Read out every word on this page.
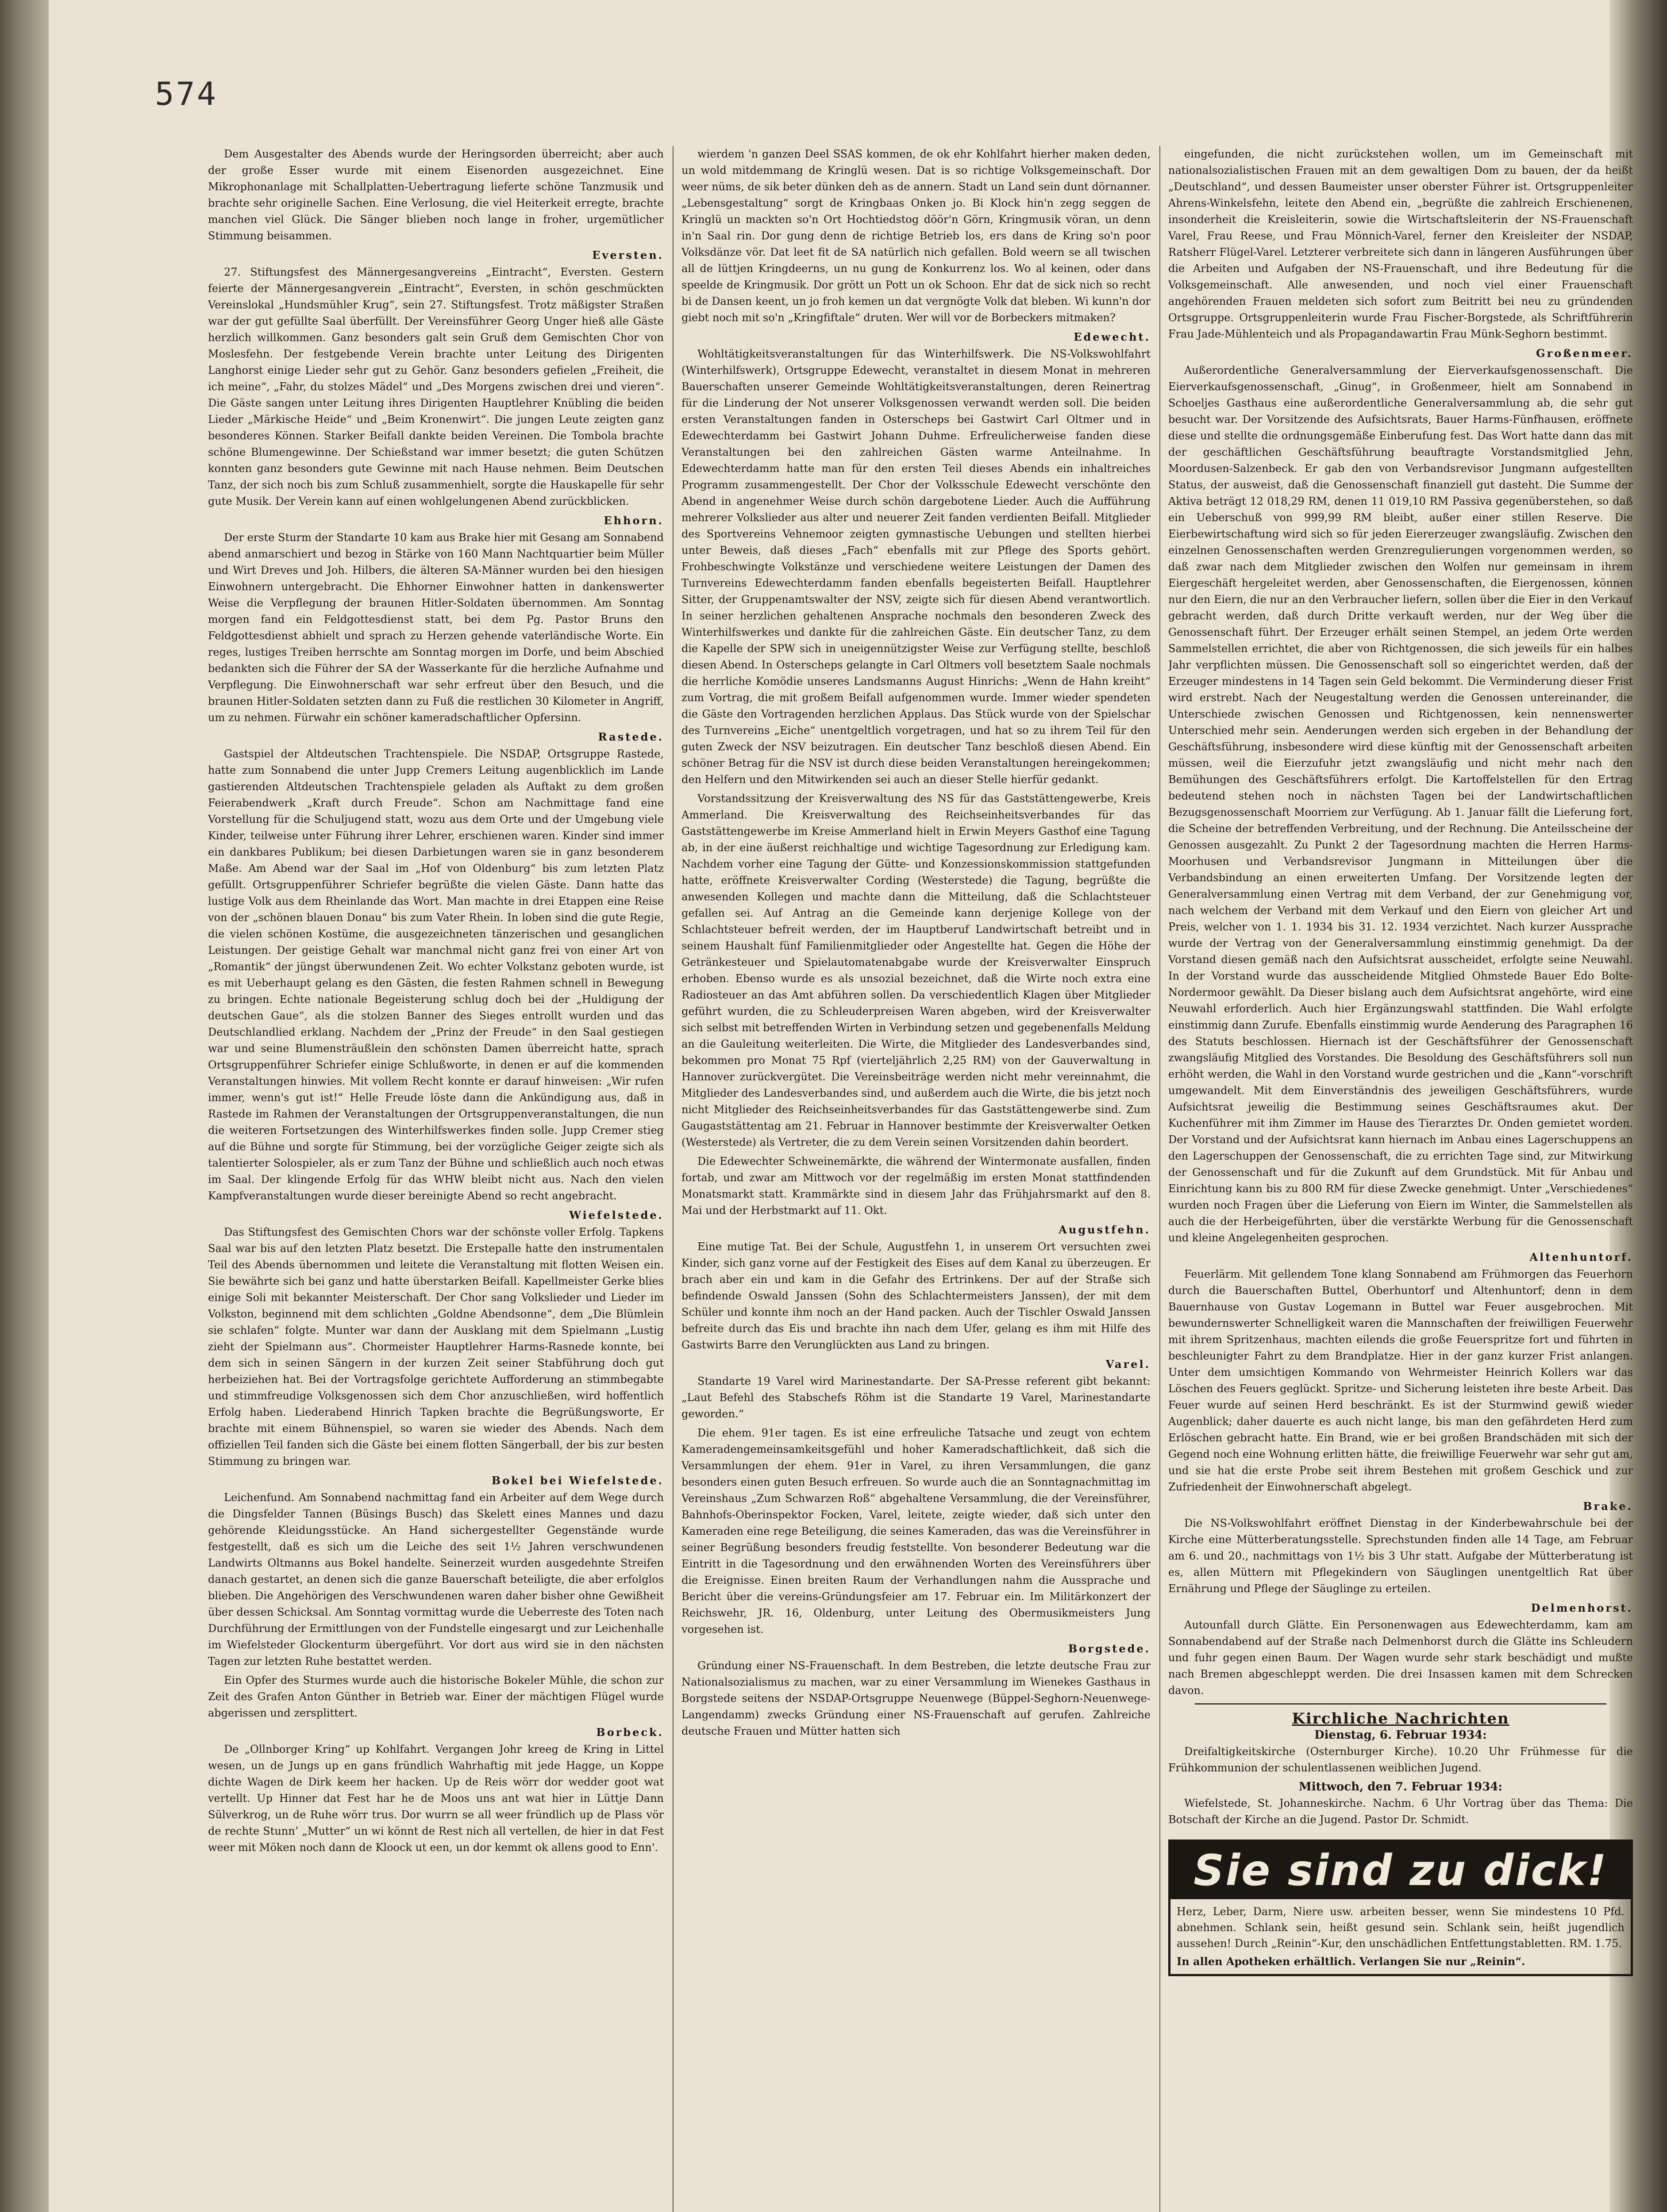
574

Dem Ausgestalter des Abends wurde der Heringsorden überreicht; aber auch der große Esser wurde mit einem Eisenorden ausgezeichnet. Eine Mikrophonanlage mit Schallplatten-Uebertragung lieferte schöne Tanzmusik und brachte sehr originelle Sachen. Eine Verlosung, die viel Heiterkeit erregte, brachte manchen viel Glück. Die Sänger blieben noch lange in froher, urgemütlicher Stimmung beisammen.

Eversten.

27. Stiftungsfest des Männergesangvereins „Eintracht“, Eversten. Gestern feierte der Männergesangverein „Eintracht“, Eversten, in schön geschmückten Vereinslokal „Hundsmühler Krug“, sein 27. Stiftungsfest. Trotz mäßigster Straßen war der gut gefüllte Saal überfüllt. Der Vereinsführer Georg Unger hieß alle Gäste herzlich willkommen. Ganz besonders galt sein Gruß dem Gemischten Chor von Moslesfehn. Der festgebende Verein brachte unter Leitung des Dirigenten Langhorst einige Lieder sehr gut zu Gehör. Ganz besonders gefielen „Freiheit, die ich meine“, „Fahr, du stolzes Mädel“ und „Des Morgens zwischen drei und vieren“. Die Gäste sangen unter Leitung ihres Dirigenten Hauptlehrer Knübling die beiden Lieder „Märkische Heide“ und „Beim Kronenwirt“. Die jungen Leute zeigten ganz besonderes Können. Starker Beifall dankte beiden Vereinen. Die Tombola brachte schöne Blumengewinne. Der Schießstand war immer besetzt; die guten Schützen konnten ganz besonders gute Gewinne mit nach Hause nehmen. Beim Deutschen Tanz, der sich noch bis zum Schluß zusammenhielt, sorgte die Hauskapelle für sehr gute Musik. Der Verein kann auf einen wohlgelungenen Abend zurückblicken.

Ehhorn.

Der erste Sturm der Standarte 10 kam aus Brake hier mit Gesang am Sonnabend abend anmarschiert und bezog in Stärke von 160 Mann Nachtquartier beim Müller und Wirt Dreves und Joh. Hilbers, die älteren SA-Männer wurden bei den hiesigen Einwohnern untergebracht. Die Ehhorner Einwohner hatten in dankenswerter Weise die Verpflegung der braunen Hitler-Soldaten übernommen. Am Sonntag morgen fand ein Feldgottesdienst statt, bei dem Pg. Pastor Bruns den Feldgottesdienst abhielt und sprach zu Herzen gehende vaterländische Worte. Ein reges, lustiges Treiben herrschte am Sonntag morgen im Dorfe, und beim Abschied bedankten sich die Führer der SA der Wasserkante für die herzliche Aufnahme und Verpflegung. Die Einwohnerschaft war sehr erfreut über den Besuch, und die braunen Hitler-Soldaten setzten dann zu Fuß die restlichen 30 Kilometer in Angriff, um zu nehmen. Fürwahr ein schöner kameradschaftlicher Opfersinn.

Rastede.

Gastspiel der Altdeutschen Trachtenspiele. Die NSDAP, Ortsgruppe Rastede, hatte zum Sonnabend die unter Jupp Cremers Leitung augenblicklich im Lande gastierenden Altdeutschen Trachtenspiele geladen als Auftakt zu dem großen Feierabendwerk „Kraft durch Freude“. Schon am Nachmittage fand eine Vorstellung für die Schuljugend statt, wozu aus dem Orte und der Umgebung viele Kinder, teilweise unter Führung ihrer Lehrer, erschienen waren. Kinder sind immer ein dankbares Publikum; bei diesen Darbietungen waren sie in ganz besonderem Maße. Am Abend war der Saal im „Hof von Oldenburg“ bis zum letzten Platz gefüllt. Ortsgruppenführer Schriefer begrüßte die vielen Gäste. Dann hatte das lustige Volk aus dem Rheinlande das Wort. Man machte in drei Etappen eine Reise von der „schönen blauen Donau“ bis zum Vater Rhein. In loben sind die gute Regie, die vielen schönen Kostüme, die ausgezeichneten tänzerischen und gesanglichen Leistungen. Der geistige Gehalt war manchmal nicht ganz frei von einer Art von „Romantik“ der jüngst überwundenen Zeit. Wo echter Volkstanz geboten wurde, ist es mit Ueberhaupt gelang es den Gästen, die festen Rahmen schnell in Bewegung zu bringen. Echte nationale Begeisterung schlug doch bei der „Huldigung der deutschen Gaue“, als die stolzen Banner des Sieges entrollt wurden und das Deutschlandlied erklang. Nachdem der „Prinz der Freude“ in den Saal gestiegen war und seine Blumensträußlein den schönsten Damen überreicht hatte, sprach Ortsgruppenführer Schriefer einige Schlußworte, in denen er auf die kommenden Veranstaltungen hinwies. Mit vollem Recht konnte er darauf hinweisen: „Wir rufen immer, wenn's gut ist!“ Helle Freude löste dann die Ankündigung aus, daß in Rastede im Rahmen der Veranstaltungen der Ortsgruppenveranstaltungen, die nun die weiteren Fortsetzungen des Winterhilfswerkes finden solle. Jupp Cremer stieg auf die Bühne und sorgte für Stimmung, bei der vorzügliche Geiger zeigte sich als talentierter Solospieler, als er zum Tanz der Bühne und schließlich auch noch etwas im Saal. Der klingende Erfolg für das WHW bleibt nicht aus. Nach den vielen Kampfveranstaltungen wurde dieser bereinigte Abend so recht angebracht.

Wiefelstede.

Das Stiftungsfest des Gemischten Chors war der schönste voller Erfolg. Tapkens Saal war bis auf den letzten Platz besetzt. Die Erstepalle hatte den instrumentalen Teil des Abends übernommen und leitete die Veranstaltung mit flotten Weisen ein. Sie bewährte sich bei ganz und hatte überstarken Beifall. Kapellmeister Gerke blies einige Soli mit bekannter Meisterschaft. Der Chor sang Volkslieder und Lieder im Volkston, beginnend mit dem schlichten „Goldne Abendsonne“, dem „Die Blümlein sie schlafen“ folgte. Munter war dann der Ausklang mit dem Spielmann „Lustig zieht der Spielmann aus“. Chormeister Hauptlehrer Harms-Rasnede konnte, bei dem sich in seinen Sängern in der kurzen Zeit seiner Stabführung doch gut herbeiziehen hat. Bei der Vortragsfolge gerichtete Aufforderung an stimmbegabte und stimmfreudige Volksgenossen sich dem Chor anzuschließen, wird hoffentlich Erfolg haben. Liederabend Hinrich Tapken brachte die Begrüßungsworte, Er brachte mit einem Bühnenspiel, so waren sie wieder des Abends. Nach dem offiziellen Teil fanden sich die Gäste bei einem flotten Sängerball, der bis zur besten Stimmung zu bringen war.

Bokel bei Wiefelstede.

Leichenfund. Am Sonnabend nachmittag fand ein Arbeiter auf dem Wege durch die Dingsfelder Tannen (Büsings Busch) das Skelett eines Mannes und dazu gehörende Kleidungsstücke. An Hand sichergestellter Gegenstände wurde festgestellt, daß es sich um die Leiche des seit 1½ Jahren verschwundenen Landwirts Oltmanns aus Bokel handelte. Seinerzeit wurden ausgedehnte Streifen danach gestartet, an denen sich die ganze Bauerschaft beteiligte, die aber erfolglos blieben. Die Angehörigen des Verschwundenen waren daher bisher ohne Gewißheit über dessen Schicksal. Am Sonntag vormittag wurde die Ueberreste des Toten nach Durchführung der Ermittlungen von der Fundstelle eingesargt und zur Leichenhalle im Wiefelsteder Glockenturm übergeführt. Vor dort aus wird sie in den nächsten Tagen zur letzten Ruhe bestattet werden.

Ein Opfer des Sturmes wurde auch die historische Bokeler Mühle, die schon zur Zeit des Grafen Anton Günther in Betrieb war. Einer der mächtigen Flügel wurde abgerissen und zersplittert.

Borbeck.

De „Ollnborger Kring“ up Kohlfahrt. Vergangen Johr kreeg de Kring in Littel wesen, un de Jungs up en gans fründlich Wahrhaftig mit jede Hagge, un Koppe dichte Wagen de Dirk keem her hacken. Up de Reis wörr dor wedder goot wat vertellt. Up Hinner dat Fest har he de Moos uns ant wat hier in Lüttje Dann Sülverkrog, un de Ruhe wörr trus. Dor wurrn se all weer fründlich up de Plass vör de rechte Stunn’ „Mutter“ un wi könnt de Rest nich all vertellen, de hier in dat Fest weer mit Möken noch dann de Kloock ut een, un dor kemmt ok allens good to Enn'.

wierdem 'n ganzen Deel SSAS kommen, de ok ehr Kohlfahrt hierher maken deden, un wold mitdemmang de Kringlü wesen. Dat is so richtige Volksgemeinschaft. Dor weer nüms, de sik beter dünken deh as de annern. Stadt un Land sein dunt dörnanner. „Lebensgestaltung“ sorgt de Kringbaas Onken jo. Bi Klock hin'n zegg seggen de Kringlü un mackten so'n Ort Hochtiedstog döör'n Görn, Kringmusik vöran, un denn in'n Saal rin. Dor gung denn de richtige Betrieb los, ers dans de Kring so'n poor Volksdänze vör. Dat leet fit de SA natürlich nich gefallen. Bold weern se all twischen all de lüttjen Kringdeerns, un nu gung de Konkurrenz los. Wo al keinen, oder dans speelde de Kringmusik. Dor grött un Pott un ok Schoon. Ehr dat de sick nich so recht bi de Dansen keent, un jo froh kemen un dat vergnögte Volk dat bleben. Wi kunn'n dor giebt noch mit so'n „Kringfiftale“ druten. Wer will vor de Borbeckers mitmaken?

Edewecht.

Wohltätigkeitsveranstaltungen für das Winterhilfswerk. Die NS-Volkswohlfahrt (Winterhilfswerk), Ortsgruppe Edewecht, veranstaltet in diesem Monat in mehreren Bauerschaften unserer Gemeinde Wohltätigkeitsveranstaltungen, deren Reinertrag für die Linderung der Not unserer Volksgenossen verwandt werden soll. Die beiden ersten Veranstaltungen fanden in Osterscheps bei Gastwirt Carl Oltmer und in Edewechterdamm bei Gastwirt Johann Duhme. Erfreulicherweise fanden diese Veranstaltungen bei den zahlreichen Gästen warme Anteilnahme. In Edewechterdamm hatte man für den ersten Teil dieses Abends ein inhaltreiches Programm zusammengestellt. Der Chor der Volksschule Edewecht verschönte den Abend in angenehmer Weise durch schön dargebotene Lieder. Auch die Aufführung mehrerer Volkslieder aus alter und neuerer Zeit fanden verdienten Beifall. Mitglieder des Sportvereins Vehnemoor zeigten gymnastische Uebungen und stellten hierbei unter Beweis, daß dieses „Fach“ ebenfalls mit zur Pflege des Sports gehört. Frohbeschwingte Volkstänze und verschiedene weitere Leistungen der Damen des Turnvereins Edewechterdamm fanden ebenfalls begeisterten Beifall. Hauptlehrer Sitter, der Gruppenamtswalter der NSV, zeigte sich für diesen Abend verantwortlich. In seiner herzlichen gehaltenen Ansprache nochmals den besonderen Zweck des Winterhilfswerkes und dankte für die zahlreichen Gäste. Ein deutscher Tanz, zu dem die Kapelle der SPW sich in uneigennützigster Weise zur Verfügung stellte, beschloß diesen Abend. In Osterscheps gelangte in Carl Oltmers voll besetztem Saale nochmals die herrliche Komödie unseres Landsmanns August Hinrichs: „Wenn de Hahn kreiht“ zum Vortrag, die mit großem Beifall aufgenommen wurde. Immer wieder spendeten die Gäste den Vortragenden herzlichen Applaus. Das Stück wurde von der Spielschar des Turnvereins „Eiche“ unentgeltlich vorgetragen, und hat so zu ihrem Teil für den guten Zweck der NSV beizutragen. Ein deutscher Tanz beschloß diesen Abend. Ein schöner Betrag für die NSV ist durch diese beiden Veranstaltungen hereingekommen; den Helfern und den Mitwirkenden sei auch an dieser Stelle hierfür gedankt.

Vorstandssitzung der Kreisverwaltung des NS für das Gaststättengewerbe, Kreis Ammerland. Die Kreisverwaltung des Reichseinheitsverbandes für das Gaststättengewerbe im Kreise Ammerland hielt in Erwin Meyers Gasthof eine Tagung ab, in der eine äußerst reichhaltige und wichtige Tagesordnung zur Erledigung kam. Nachdem vorher eine Tagung der Gütte- und Konzessionskommission stattgefunden hatte, eröffnete Kreisverwalter Cording (Westerstede) die Tagung, begrüßte die anwesenden Kollegen und machte dann die Mitteilung, daß die Schlachtsteuer gefallen sei. Auf Antrag an die Gemeinde kann derjenige Kollege von der Schlachtsteuer befreit werden, der im Hauptberuf Landwirtschaft betreibt und in seinem Haushalt fünf Familienmitglieder oder Angestellte hat. Gegen die Höhe der Getränkesteuer und Spielautomatenabgabe wurde der Kreisverwalter Einspruch erhoben. Ebenso wurde es als unsozial bezeichnet, daß die Wirte noch extra eine Radiosteuer an das Amt abführen sollen. Da verschiedentlich Klagen über Mitglieder geführt wurden, die zu Schleuderpreisen Waren abgeben, wird der Kreisverwalter sich selbst mit betreffenden Wirten in Verbindung setzen und gegebenenfalls Meldung an die Gauleitung weiterleiten. Die Wirte, die Mitglieder des Landesverbandes sind, bekommen pro Monat 75 Rpf (vierteljährlich 2,25 RM) von der Gauverwaltung in Hannover zurückvergütet. Die Vereinsbeiträge werden nicht mehr vereinnahmt, die Mitglieder des Landesverbandes sind, und außerdem auch die Wirte, die bis jetzt noch nicht Mitglieder des Reichseinheitsverbandes für das Gaststättengewerbe sind. Zum Gaugaststättentag am 21. Februar in Hannover bestimmte der Kreisverwalter Oetken (Westerstede) als Vertreter, die zu dem Verein seinen Vorsitzenden dahin beordert.

Die Edewechter Schweinemärkte, die während der Wintermonate ausfallen, finden fortab, und zwar am Mittwoch vor der regelmäßig im ersten Monat stattfindenden Monatsmarkt statt. Krammärkte sind in diesem Jahr das Frühjahrsmarkt auf den 8. Mai und der Herbstmarkt auf 11. Okt.

Augustfehn.

Eine mutige Tat. Bei der Schule, Augustfehn 1, in unserem Ort versuchten zwei Kinder, sich ganz vorne auf der Festigkeit des Eises auf dem Kanal zu überzeugen. Er brach aber ein und kam in die Gefahr des Ertrinkens. Der auf der Straße sich befindende Oswald Janssen (Sohn des Schlachtermeisters Janssen), der mit dem Schüler und konnte ihm noch an der Hand packen. Auch der Tischler Oswald Janssen befreite durch das Eis und brachte ihn nach dem Ufer, gelang es ihm mit Hilfe des Gastwirts Barre den Verunglückten aus Land zu bringen.

Varel.

Standarte 19 Varel wird Marinestandarte. Der SA-Presse referent gibt bekannt: „Laut Befehl des Stabschefs Röhm ist die Standarte 19 Varel, Marinestandarte geworden.“

Die ehem. 91er tagen. Es ist eine erfreuliche Tatsache und zeugt von echtem Kameradengemeinsamkeitsgefühl und hoher Kameradschaftlichkeit, daß sich die Versammlungen der ehem. 91er in Varel, zu ihren Versammlungen, die ganz besonders einen guten Besuch erfreuen. So wurde auch die an Sonntagnachmittag im Vereinshaus „Zum Schwarzen Roß“ abgehaltene Versammlung, die der Vereinsführer, Bahnhofs-Oberinspektor Focken, Varel, leitete, zeigte wieder, daß sich unter den Kameraden eine rege Beteiligung, die seines Kameraden, das was die Vereinsführer in seiner Begrüßung besonders freudig feststellte. Von besonderer Bedeutung war die Eintritt in die Tagesordnung und den erwähnenden Worten des Vereinsführers über die Ereignisse. Einen breiten Raum der Verhandlungen nahm die Aussprache und Bericht über die vereins-Gründungsfeier am 17. Februar ein. Im Militärkonzert der Reichswehr, JR. 16, Oldenburg, unter Leitung des Obermusikmeisters Jung vorgesehen ist.

Borgstede.

Gründung einer NS-Frauenschaft. In dem Bestreben, die letzte deutsche Frau zur Nationalsozialismus zu machen, war zu einer Versammlung im Wienekes Gasthaus in Borgstede seitens der NSDAP-Ortsgruppe Neuenwege (Büppel-Seghorn-Neuenwege-Langendamm) zwecks Gründung einer NS-Frauenschaft auf gerufen. Zahlreiche deutsche Frauen und Mütter hatten sich

eingefunden, die nicht zurückstehen wollen, um im Gemeinschaft mit nationalsozialistischen Frauen mit an dem gewaltigen Dom zu bauen, der da heißt „Deutschland“, und dessen Baumeister unser oberster Führer ist. Ortsgruppenleiter Ahrens-Winkelsfehn, leitete den Abend ein, „begrüßte die zahlreich Erschienenen, insonderheit die Kreisleiterin, sowie die Wirtschaftsleiterin der NS-Frauenschaft Varel, Frau Reese, und Frau Mönnich-Varel, ferner den Kreisleiter der NSDAP, Ratsherr Flügel-Varel. Letzterer verbreitete sich dann in längeren Ausführungen über die Arbeiten und Aufgaben der NS-Frauenschaft, und ihre Bedeutung für die Volksgemeinschaft. Alle anwesenden, und noch viel einer Frauenschaft angehörenden Frauen meldeten sich sofort zum Beitritt bei neu zu gründenden Ortsgruppe. Ortsgruppenleiterin wurde Frau Fischer-Borgstede, als Schriftführerin Frau Jade-Mühlenteich und als Propagandawartin Frau Münk-Seghorn bestimmt.

Großenmeer.

Außerordentliche Generalversammlung der Eierverkaufsgenossenschaft. Die Eierverkaufsgenossenschaft, „Ginug“, in Großenmeer, hielt am Sonnabend in Schoeljes Gasthaus eine außerordentliche Generalversammlung ab, die sehr gut besucht war. Der Vorsitzende des Aufsichtsrats, Bauer Harms-Fünfhausen, eröffnete diese und stellte die ordnungsgemäße Einberufung fest. Das Wort hatte dann das mit der geschäftlichen Geschäftsführung beauftragte Vorstandsmitglied Jehn, Moordusen-Salzenbeck. Er gab den von Verbandsrevisor Jungmann aufgestellten Status, der ausweist, daß die Genossenschaft finanziell gut dasteht. Die Summe der Aktiva beträgt 12 018,29 RM, denen 11 019,10 RM Passiva gegenüberstehen, so daß ein Ueberschuß von 999,99 RM bleibt, außer einer stillen Reserve. Die Eierbewirtschaftung wird sich so für jeden Eiererzeuger zwangsläufig. Zwischen den einzelnen Genossenschaften werden Grenzregulierungen vorgenommen werden, so daß zwar nach dem Mitglieder zwischen den Wolfen nur gemeinsam in ihrem Eiergeschäft hergeleitet werden, aber Genossenschaften, die Eiergenossen, können nur den Eiern, die nur an den Verbraucher liefern, sollen über die Eier in den Verkauf gebracht werden, daß durch Dritte verkauft werden, nur der Weg über die Genossenschaft führt. Der Erzeuger erhält seinen Stempel, an jedem Orte werden Sammelstellen errichtet, die aber von Richtgenossen, die sich jeweils für ein halbes Jahr verpflichten müssen. Die Genossenschaft soll so eingerichtet werden, daß der Erzeuger mindestens in 14 Tagen sein Geld bekommt. Die Verminderung dieser Frist wird erstrebt. Nach der Neugestaltung werden die Genossen untereinander, die Unterschiede zwischen Genossen und Richtgenossen, kein nennenswerter Unterschied mehr sein. Aenderungen werden sich ergeben in der Behandlung der Geschäftsführung, insbesondere wird diese künftig mit der Genossenschaft arbeiten müssen, weil die Eierzufuhr jetzt zwangsläufig und nicht mehr nach den Bemühungen des Geschäftsführers erfolgt. Die Kartoffelstellen für den Ertrag bedeutend stehen noch in nächsten Tagen bei der Landwirtschaftlichen Bezugsgenossenschaft Moorriem zur Verfügung. Ab 1. Januar fällt die Lieferung fort, die Scheine der betreffenden Verbreitung, und der Rechnung. Die Anteilsscheine der Genossen ausgezahlt. Zu Punkt 2 der Tagesordnung machten die Herren Harms-Moorhusen und Verbandsrevisor Jungmann in Mitteilungen über die Verbandsbindung an einen erweiterten Umfang. Der Vorsitzende legten der Generalversammlung einen Vertrag mit dem Verband, der zur Genehmigung vor, nach welchem der Verband mit dem Verkauf und den Eiern von gleicher Art und Preis, welcher von 1. 1. 1934 bis 31. 12. 1934 verzichtet. Nach kurzer Aussprache wurde der Vertrag von der Generalversammlung einstimmig genehmigt. Da der Vorstand diesen gemäß nach den Aufsichtsrat ausscheidet, erfolgte seine Neuwahl. In der Vorstand wurde das ausscheidende Mitglied Ohmstede Bauer Edo Bolte-Nordermoor gewählt. Da Dieser bislang auch dem Aufsichtsrat angehörte, wird eine Neuwahl erforderlich. Auch hier Ergänzungswahl stattfinden. Die Wahl erfolgte einstimmig dann Zurufe. Ebenfalls einstimmig wurde Aenderung des Paragraphen 16 des Statuts beschlossen. Hiernach ist der Geschäftsführer der Genossenschaft zwangsläufig Mitglied des Vorstandes. Die Besoldung des Geschäftsführers soll nun erhöht werden, die Wahl in den Vorstand wurde gestrichen und die „Kann“-vorschrift umgewandelt. Mit dem Einverständnis des jeweiligen Geschäftsführers, wurde Aufsichtsrat jeweilig die Bestimmung seines Geschäftsraumes akut. Der Kuchenführer mit ihm Zimmer im Hause des Tierarztes Dr. Onden gemietet worden. Der Vorstand und der Aufsichtsrat kann hiernach im Anbau eines Lagerschuppens an den Lagerschuppen der Genossenschaft, die zu errichten Tage sind, zur Mitwirkung der Genossenschaft und für die Zukunft auf dem Grundstück. Mit für Anbau und Einrichtung kann bis zu 800 RM für diese Zwecke genehmigt. Unter „Verschiedenes“ wurden noch Fragen über die Lieferung von Eiern im Winter, die Sammelstellen als auch die der Herbeigeführten, über die verstärkte Werbung für die Genossenschaft und kleine Angelegenheiten gesprochen.

Altenhuntorf.

Feuerlärm. Mit gellendem Tone klang Sonnabend am Frühmorgen das Feuerhorn durch die Bauerschaften Buttel, Oberhuntorf und Altenhuntorf; denn in dem Bauernhause von Gustav Logemann in Buttel war Feuer ausgebrochen. Mit bewundernswerter Schnelligkeit waren die Mannschaften der freiwilligen Feuerwehr mit ihrem Spritzenhaus, machten eilends die große Feuerspritze fort und führten in beschleunigter Fahrt zu dem Brandplatze. Hier in der ganz kurzer Frist anlangen. Unter dem umsichtigen Kommando von Wehrmeister Heinrich Kollers war das Löschen des Feuers geglückt. Spritze- und Sicherung leisteten ihre beste Arbeit. Das Feuer wurde auf seinen Herd beschränkt. Es ist der Sturmwind gewiß wieder Augenblick; daher dauerte es auch nicht lange, bis man den gefährdeten Herd zum Erlöschen gebracht hatte. Ein Brand, wie er bei großen Brandschäden mit sich der Gegend noch eine Wohnung erlitten hätte, die freiwillige Feuerwehr war sehr gut am, und sie hat die erste Probe seit ihrem Bestehen mit großem Geschick und zur Zufriedenheit der Einwohnerschaft abgelegt.

Brake.

Die NS-Volkswohlfahrt eröffnet Dienstag in der Kinderbewahrschule bei der Kirche eine Mütterberatungsstelle. Sprechstunden finden alle 14 Tage, am Februar am 6. und 20., nachmittags von 1½ bis 3 Uhr statt. Aufgabe der Mütterberatung ist es, allen Müttern mit Pflegekindern von Säuglingen unentgeltlich Rat über Ernährung und Pflege der Säuglinge zu erteilen.

Delmenhorst.

Autounfall durch Glätte. Ein Personenwagen aus Edewechterdamm, kam am Sonnabendabend auf der Straße nach Delmenhorst durch die Glätte ins Schleudern und fuhr gegen einen Baum. Der Wagen wurde sehr stark beschädigt und mußte nach Bremen abgeschleppt werden. Die drei Insassen kamen mit dem Schrecken davon.

Kirchliche Nachrichten
Dienstag, 6. Februar 1934:

Dreifaltigkeitskirche (Osternburger Kirche). 10.20 Uhr Frühmesse für die Frühkommunion der schulentlassenen weiblichen Jugend.

Mittwoch, den 7. Februar 1934:

Wiefelstede, St. Johanneskirche. Nachm. 6 Uhr Vortrag über das Thema: Die Botschaft der Kirche an die Jugend. Pastor Dr. Schmidt.

Sie sind zu dick!
Herz, Leber, Darm, Niere usw. arbeiten besser, wenn Sie mindestens 10 Pfd. abnehmen. Schlank sein, heißt gesund sein. Schlank sein, heißt jugendlich aussehen! Durch „Reinin“-Kur, den unschädlichen Entfettungstabletten. RM. 1.75.
In allen Apotheken erhältlich. Verlangen Sie nur „Reinin“.
